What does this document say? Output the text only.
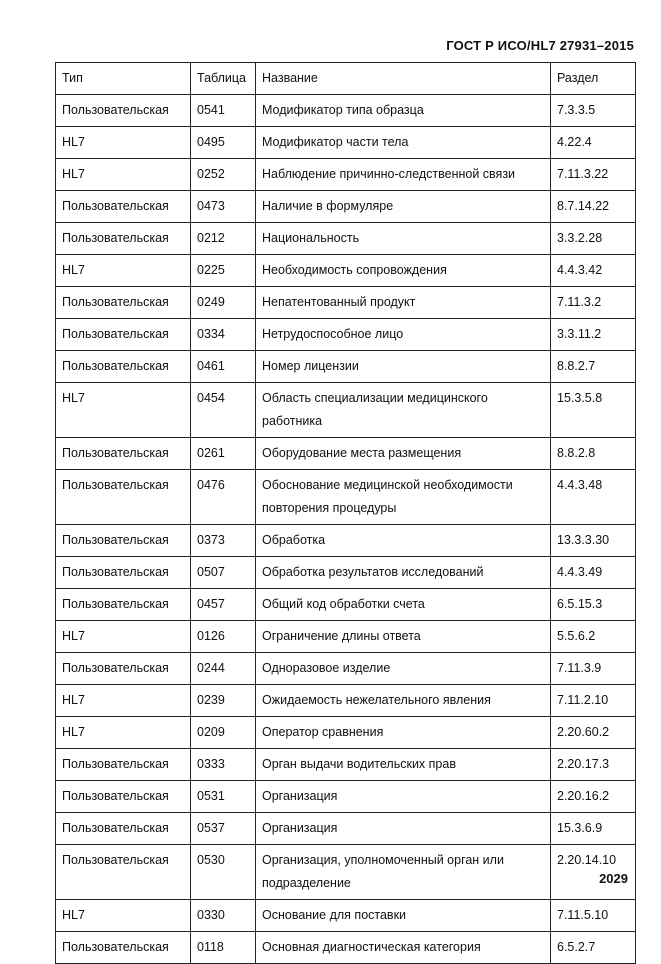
ГОСТ Р ИСО/HL7 27931–2015
Тип	Таблица	Название	Раздел
Пользовательская	0541	Модификатор типа образца	7.3.3.5
HL7	0495	Модификатор части тела	4.22.4
HL7	0252	Наблюдение причинно-следственной связи	7.11.3.22
Пользовательская	0473	Наличие в формуляре	8.7.14.22
Пользовательская	0212	Национальность	3.3.2.28
HL7	0225	Необходимость сопровождения	4.4.3.42
Пользовательская	0249	Непатентованный продукт	7.11.3.2
Пользовательская	0334	Нетрудоспособное лицо	3.3.11.2
Пользовательская	0461	Номер лицензии	8.8.2.7
HL7	0454	Область специализации медицинского работника	15.3.5.8
Пользовательская	0261	Оборудование места размещения	8.8.2.8
Пользовательская	0476	Обоснование медицинской необходимости повторения процедуры	4.4.3.48
Пользовательская	0373	Обработка	13.3.3.30
Пользовательская	0507	Обработка результатов исследований	4.4.3.49
Пользовательская	0457	Общий код обработки счета	6.5.15.3
HL7	0126	Ограничение длины ответа	5.5.6.2
Пользовательская	0244	Одноразовое изделие	7.11.3.9
HL7	0239	Ожидаемость нежелательного явления	7.11.2.10
HL7	0209	Оператор сравнения	2.20.60.2
Пользовательская	0333	Орган выдачи водительских прав	2.20.17.3
Пользовательская	0531	Организация	2.20.16.2
Пользовательская	0537	Организация	15.3.6.9
Пользовательская	0530	Организация, уполномоченный орган или подразделение	2.20.14.10
HL7	0330	Основание для поставки	7.11.5.10
Пользовательская	0118	Основная диагностическая категория	6.5.2.7
2029
